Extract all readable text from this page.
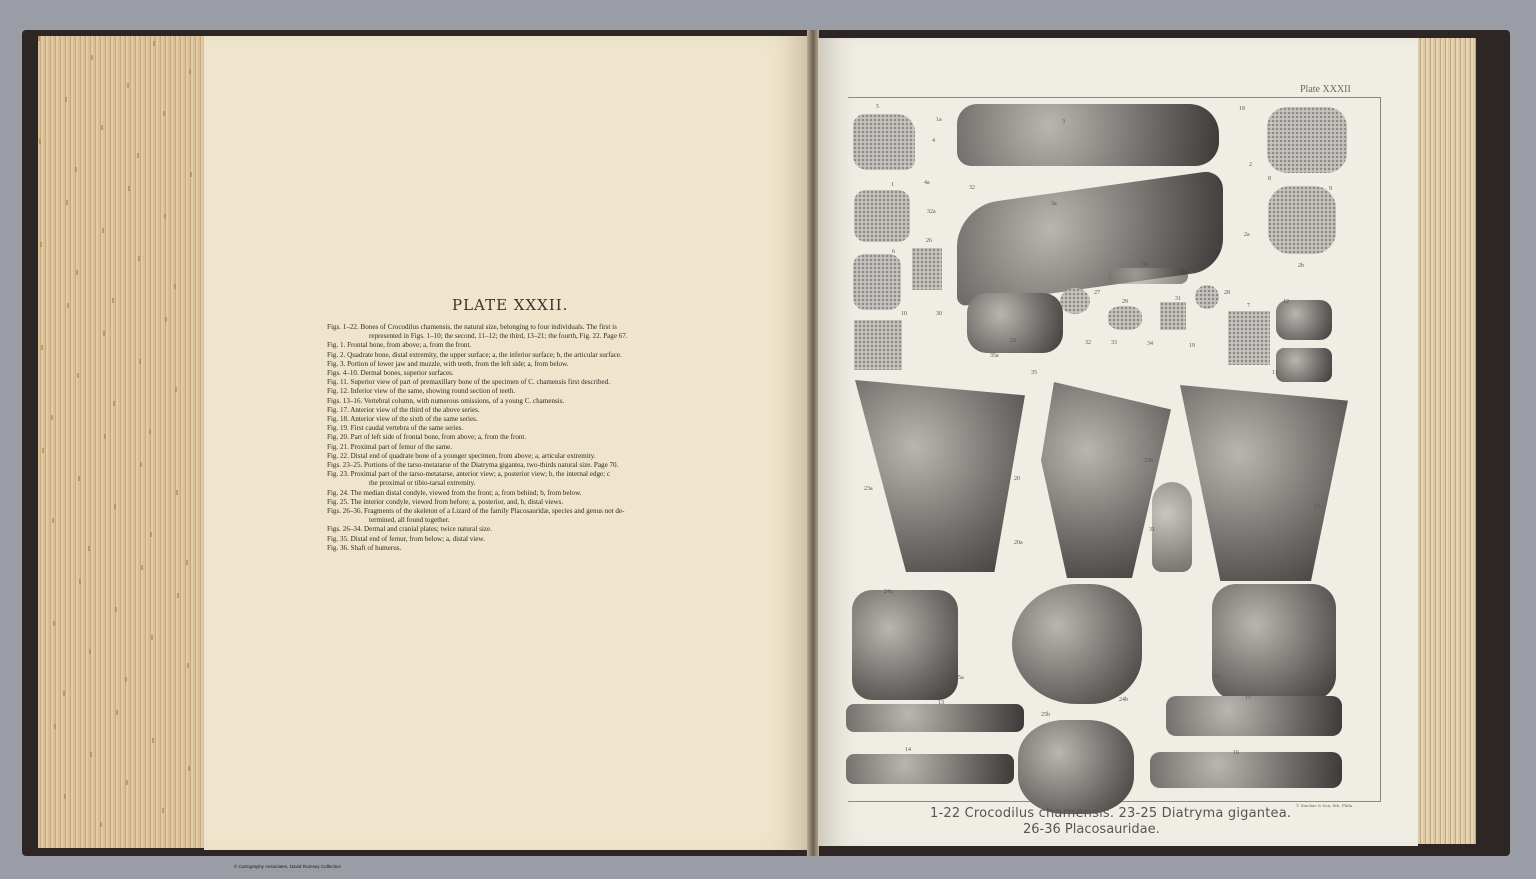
PLATE XXXII.
Figs. 1–22. Bones of Crocodilus chamensis, the natural size, belonging to four individuals. The first is
represented in Figs. 1–10; the second, 11–12; the third, 13–21; the fourth, Fig. 22. Page 67.
Fig. 1. Frontal bone, from above; a, from the front.
Fig. 2. Quadrate bone, distal extremity, the upper surface; a, the inferior surface; b, the articular surface.
Fig. 3. Portion of lower jaw and muzzle, with teeth, from the left side; a, from below.
Figs. 4–10. Dermal bones, superior surfaces.
Fig. 11. Superior view of part of premaxillary bone of the specimen of C. chamensis first described.
Fig. 12. Inferior view of the same, showing round section of teeth.
Figs. 13–16. Vertebral column, with numerous omissions, of a young C. chamensis.
Fig. 17. Anterior view of the third of the above series.
Fig. 18. Anterior view of the sixth of the same series.
Fig. 19. First caudal vertebra of the same series.
Fig. 20. Part of left side of frontal bone, from above; a, from the front.
Fig. 21. Proximal part of femur of the same.
Fig. 22. Distal end of quadrate bone of a younger specimen, from above; a, articular extremity.
Figs. 23–25. Portions of the tarso-metatarse of the Diatryma gigantea, two-thirds natural size. Page 70.
Fig. 23. Proximal part of the tarso-metatarse, anterior view; a, posterior view; b, the internal edge; c
the proximal or tibio-tarsal extremity.
Fig. 24. The median distal condyle, viewed from the front; a, from behind; b, from below.
Fig. 25. The interior condyle, viewed from before; a, posterior, and, b, distal views.
Figs. 26–36. Fragments of the skeleton of a Lizard of the family Placosauridæ, species and genus not de-
termined, all found together.
Figs. 26–34. Dermal and cranial plates; twice natural size.
Fig. 35. Distal end of femur, from below; a, distal view.
Fig. 36. Shaft of humerus.
Plate XXXII
5
1a	3
18
4
2
8
4a
1	32	9
3a
32a
2a
26
17
6
36	2b
27	28
29	31
7
12
10	30
35a
33	32	33	34	19
35	11
23b
20
23a
31
23
20a
24a
24
25a
23c
25
13	24b	15
25b
14	16
T. Sinclair & Son, lith. Phila.
1-22 Crocodilus chamensis. 23-25 Diatryma gigantea.
26-36 Placosauridae.
© Cartography Associates, David Rumsey Collection
